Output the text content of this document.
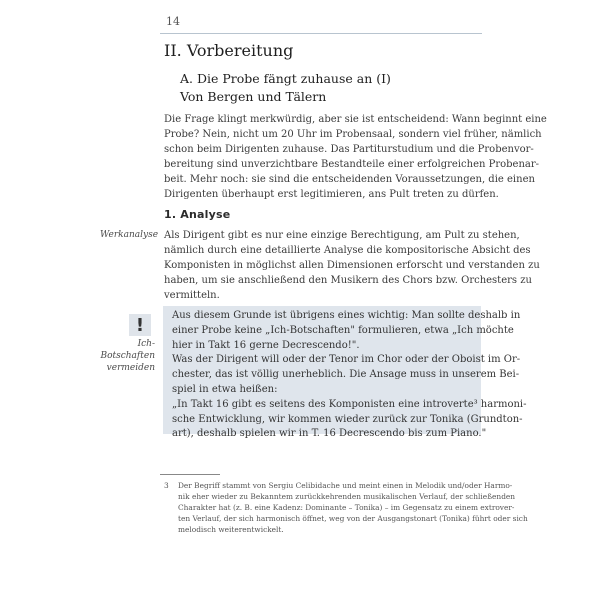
14
II. Vorbereitung
A. Die Probe fängt zuhause an (I)
Von Bergen und Tälern
Die Frage klingt merkwürdig, aber sie ist entscheidend: Wann beginnt eine
Probe? Nein, nicht um 20 Uhr im Probensaal, sondern viel früher, nämlich
schon beim Dirigenten zuhause. Das Partiturstudium und die Probenvor-
bereitung sind unverzichtbare Bestandteile einer erfolgreichen Probenar-
beit. Mehr noch: sie sind die entscheidenden Voraussetzungen, die einen
Dirigenten überhaupt erst legitimieren, ans Pult treten zu dürfen.
1. Analyse
Werkanalyse Als Dirigent gibt es nur eine einzige Berechtigung, am Pult zu stehen,
nämlich durch eine detaillierte Analyse die kompositorische Absicht des
Komponisten in möglichst allen Dimensionen erforscht und verstanden zu
haben, um sie anschließend den Musikern des Chors bzw. Orchesters zu
vermitteln.
!
Ich-
Botschaften
vermeiden
Aus diesem Grunde ist übrigens eines wichtig: Man sollte deshalb in
einer Probe keine „Ich-Botschaften" formulieren, etwa „Ich möchte
hier in Takt 16 gerne Decrescendo!".
Was der Dirigent will oder der Tenor im Chor oder der Oboist im Or-
chester, das ist völlig unerheblich. Die Ansage muss in unserem Bei-
spiel in etwa heißen:
„In Takt 16 gibt es seitens des Komponisten eine introverte³ harmoni-
sche Entwicklung, wir kommen wieder zurück zur Tonika (Grundton-
art), deshalb spielen wir in T. 16 Decrescendo bis zum Piano."
3 Der Begriff stammt von Sergiu Celibidache und meint einen in Melodik und/oder Harmo-
nik eher wieder zu Bekanntem zurückkehrenden musikalischen Verlauf, der schließenden
Charakter hat (z. B. eine Kadenz: Dominante – Tonika) – im Gegensatz zu einem extrover-
ten Verlauf, der sich harmonisch öffnet, weg von der Ausgangstonart (Tonika) führt oder sich
melodisch weiterentwickelt.
